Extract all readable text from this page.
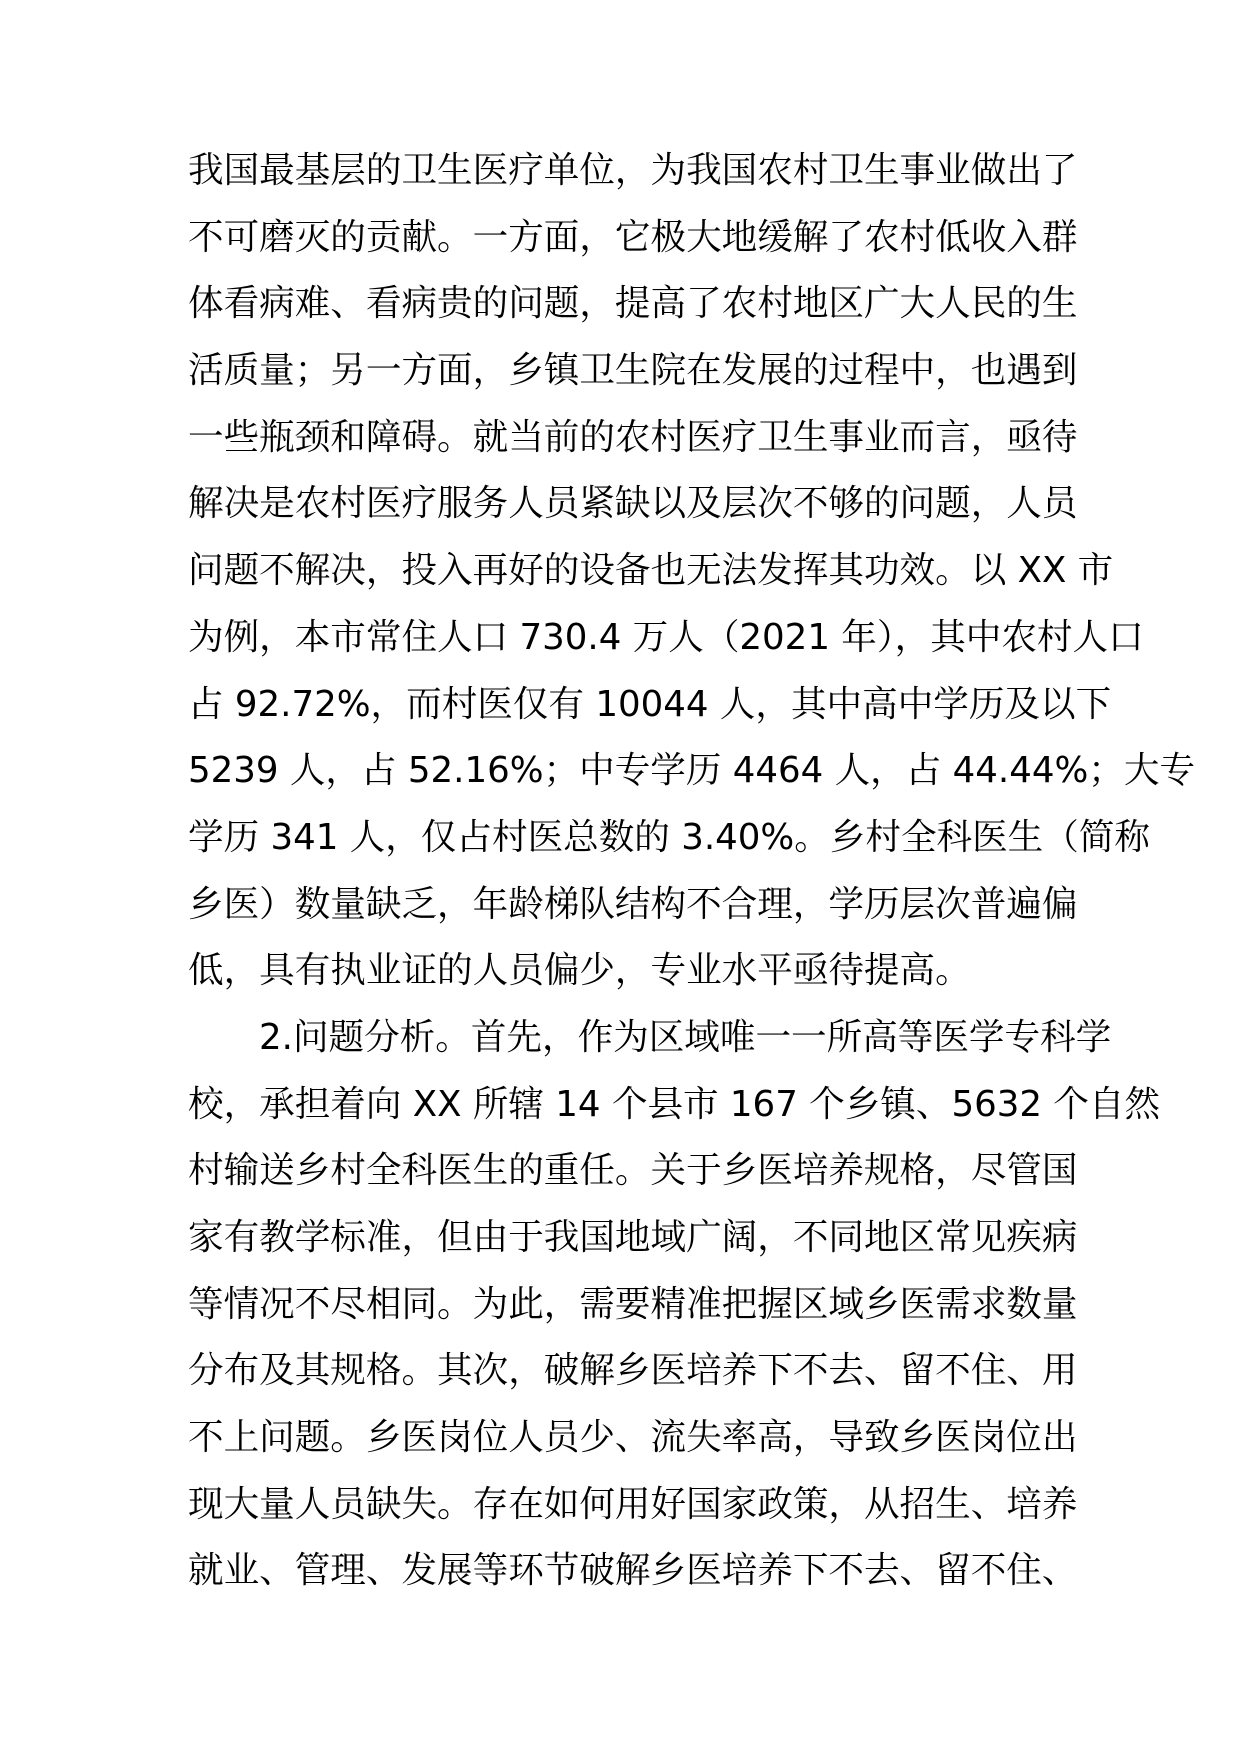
我国最基层的卫生医疗单位，为我国农村卫生事业做出了
不可磨灭的贡献。一方面，它极大地缓解了农村低收入群
体看病难、看病贵的问题，提高了农村地区广大人民的生
活质量；另一方面，乡镇卫生院在发展的过程中，也遇到
一些瓶颈和障碍。就当前的农村医疗卫生事业而言，亟待
解决是农村医疗服务人员紧缺以及层次不够的问题，人员
问题不解决，投入再好的设备也无法发挥其功效。以 XX 市
为例，本市常住人口 730.4 万人（2021 年），其中农村人口
占 92.72%，而村医仅有 10044 人，其中高中学历及以下
5239 人，占 52.16%；中专学历 4464 人，占 44.44%；大专
学历 341 人，仅占村医总数的 3.40%。乡村全科医生（简称
乡医）数量缺乏，年龄梯队结构不合理，学历层次普遍偏
低，具有执业证的人员偏少，专业水平亟待提高。
2.问题分析。首先，作为区域唯一一所高等医学专科学
校，承担着向 XX 所辖 14 个县市 167 个乡镇、5632 个自然
村输送乡村全科医生的重任。关于乡医培养规格，尽管国
家有教学标准，但由于我国地域广阔，不同地区常见疾病
等情况不尽相同。为此，需要精准把握区域乡医需求数量
分布及其规格。其次，破解乡医培养下不去、留不住、用
不上问题。乡医岗位人员少、流失率高，导致乡医岗位出
现大量人员缺失。存在如何用好国家政策，从招生、培养
就业、管理、发展等环节破解乡医培养下不去、留不住、
